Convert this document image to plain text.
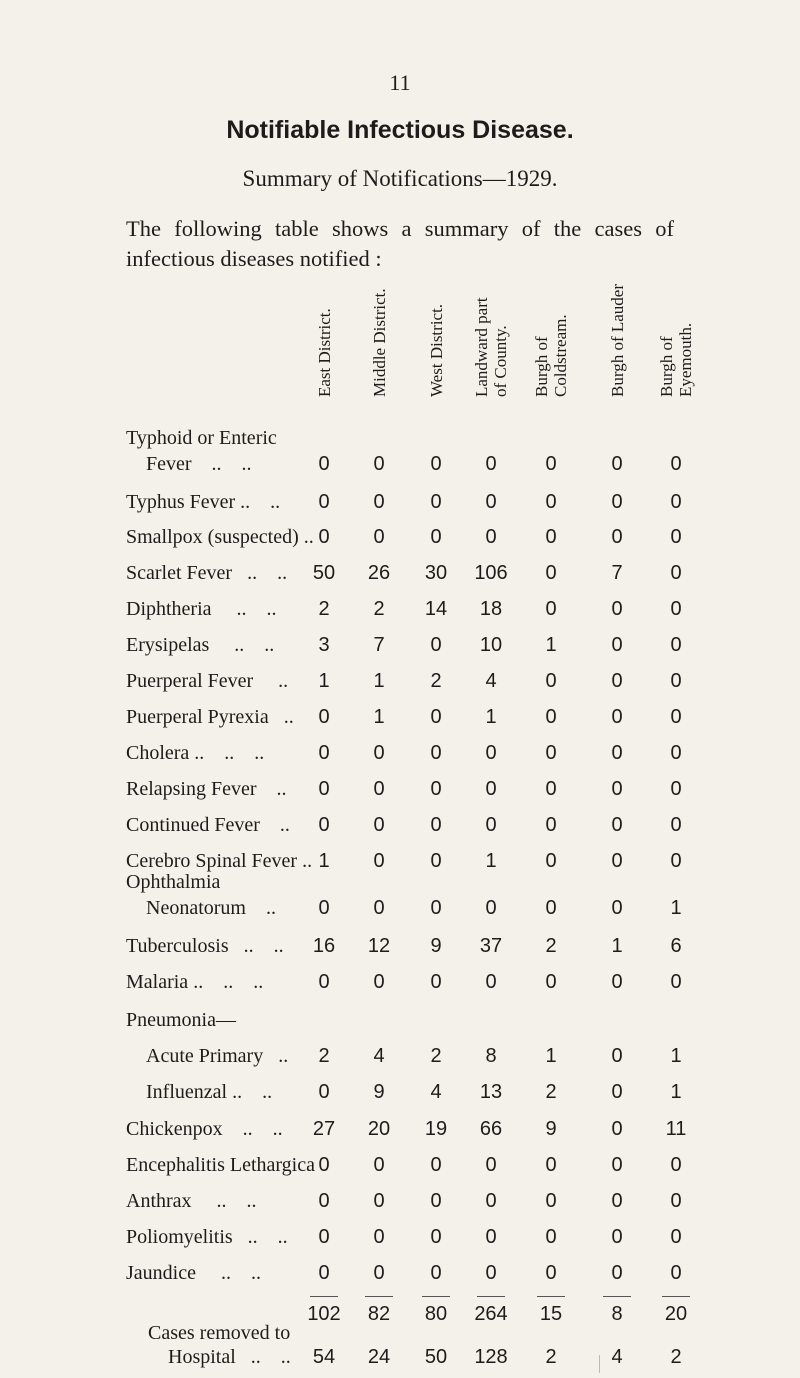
11
Notifiable Infectious Disease.
Summary of Notifications—1929.
The following table shows a summary of the cases of infectious diseases notified :
East District. Middle District. West District. Landward part of County. Burgh of Coldstream. Burgh of Lauder Burgh of Eyemouth.
Typhoid or Enteric
Fever    ..    ..	0	0	0	0	0	0	0
Typhus Fever ..    ..	0	0	0	0	0	0	0
Smallpox (suspected) .. 0	0	0	0	0	0	0
Scarlet Fever   ..    ..	50	26	30	106	0	7	0
Diphtheria     ..    ..	2	2	14	18	0	0	0
Erysipelas     ..    ..	3	7	0	10	1	0	0
Puerperal Fever     ..	1	1	2	4	0	0	0
Puerperal Pyrexia   ..	0	1	0	1	0	0	0
Cholera ..    ..    ..	0	0	0	0	0	0	0
Relapsing Fever    ..	0	0	0	0	0	0	0
Continued Fever    ..	0	0	0	0	0	0	0
Cerebro Spinal Fever .. 1	0	0	1	0	0	0
Ophthalmia
Neonatorum    ..	0	0	0	0	0	0	1
Tuberculosis   ..    ..	16	12	9	37	2	1	6
Malaria ..    ..    ..	0	0	0	0	0	0	0
Pneumonia—
Acute Primary   ..	2	4	2	8	1	0	1
Influenzal ..    ..	0	9	4	13	2	0	1
Chickenpox    ..    ..	27	20	19	66	9	0	11
Encephalitis Lethargica 0	0	0	0	0	0	0
Anthrax     ..    ..	0	0	0	0	0	0	0
Poliomyelitis   ..    ..	0	0	0	0	0	0	0
Jaundice     ..    ..	0	0	0	0	0	0	0
102	82	80	264	15	8	20
Cases removed to
Hospital   ..    ..	54	24	50	128	2	4	2
